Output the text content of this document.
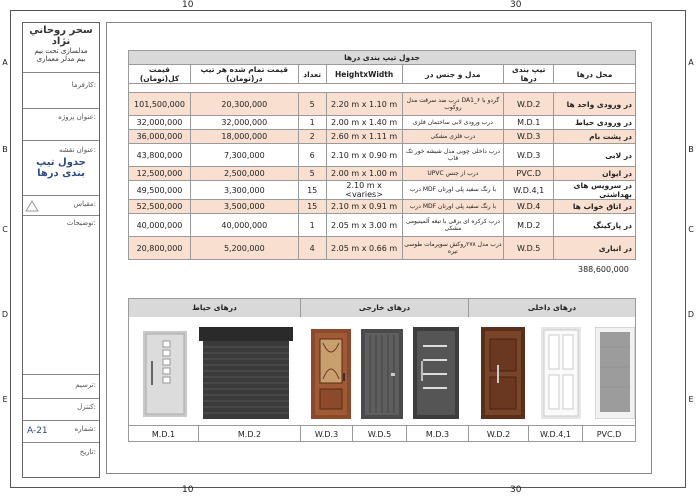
10	30
10	30
A
B
C
D
E
A
B
C
D
E
سحر روحاني نژاد
مدلسازی تحت بیم
بیم مدلر معماری
کارفرما:
عنوان پروژه:
عنوان نقشه:
جدول تیپ بندی درها
مقیاس:
توضیحات:
ترسیم:
کنترل:
A-21	شماره:
تاریخ:
جدول تیپ بندی درها						
قیمت کل(تومان)	قیمت تمام شده هر تیپ در(تومان)	تعداد	HeightxWidth	مدل و جنس در	تیپ بندی درها	محل درها

101,500,000	20,300,000	5	2.20 m x 1.10 m	گردو با ۶_DA1 درب ضد سرقت مدل روکوب	W.D.2	در ورودی واحد ها
32,000,000	32,000,000	1	2.00 m x 1.40 m	درب ورودی لابی ساختمان فلزی	M.D.1	در ورودی حیاط
36,000,000	18,000,000	2	2.60 m x 1.11 m	درب فلزی مشکی	W.D.3	در پشت بام
43,800,000	7,300,000	6	2.10 m x 0.90 m	درب داخلی چوبی مدل شیشه خور تک قاب	W.D.3	در لابی
12,500,000	2,500,000	5	2.00 m x 1.00 m	درب از جنس UPVC	PVC.D	در ایوان
49,500,000	3,300,000	15	2.10 m x <varies>	با رنگ سفید پلی اورتان MDF درب	W.D.4,1	در سرویس های بهداشتی
52,500,000	3,500,000	15	2.10 m x 0.91 m	با رنگ سفید پلی اورتان MDF درب	W.D.4	در اتاق خواب ها
40,000,000	40,000,000	1	2.05 m x 3.00 m	درب کرکره ای برقی با تیغه آلمینیومی مشکی	M.D.2	در پارکینگ
20,800,000	5,200,000	4	2.05 m x 0.66 m	درب مدل ۲۷۸روکش سوپرمات طوسی تیره	W.D.5	در انباری
388,600,000
درهای حیاط	درهای خارجی	درهای داخلی
M.D.1	M.D.2	W.D.3	W.D.5	M.D.3	W.D.2	W.D.4,1	PVC.D
